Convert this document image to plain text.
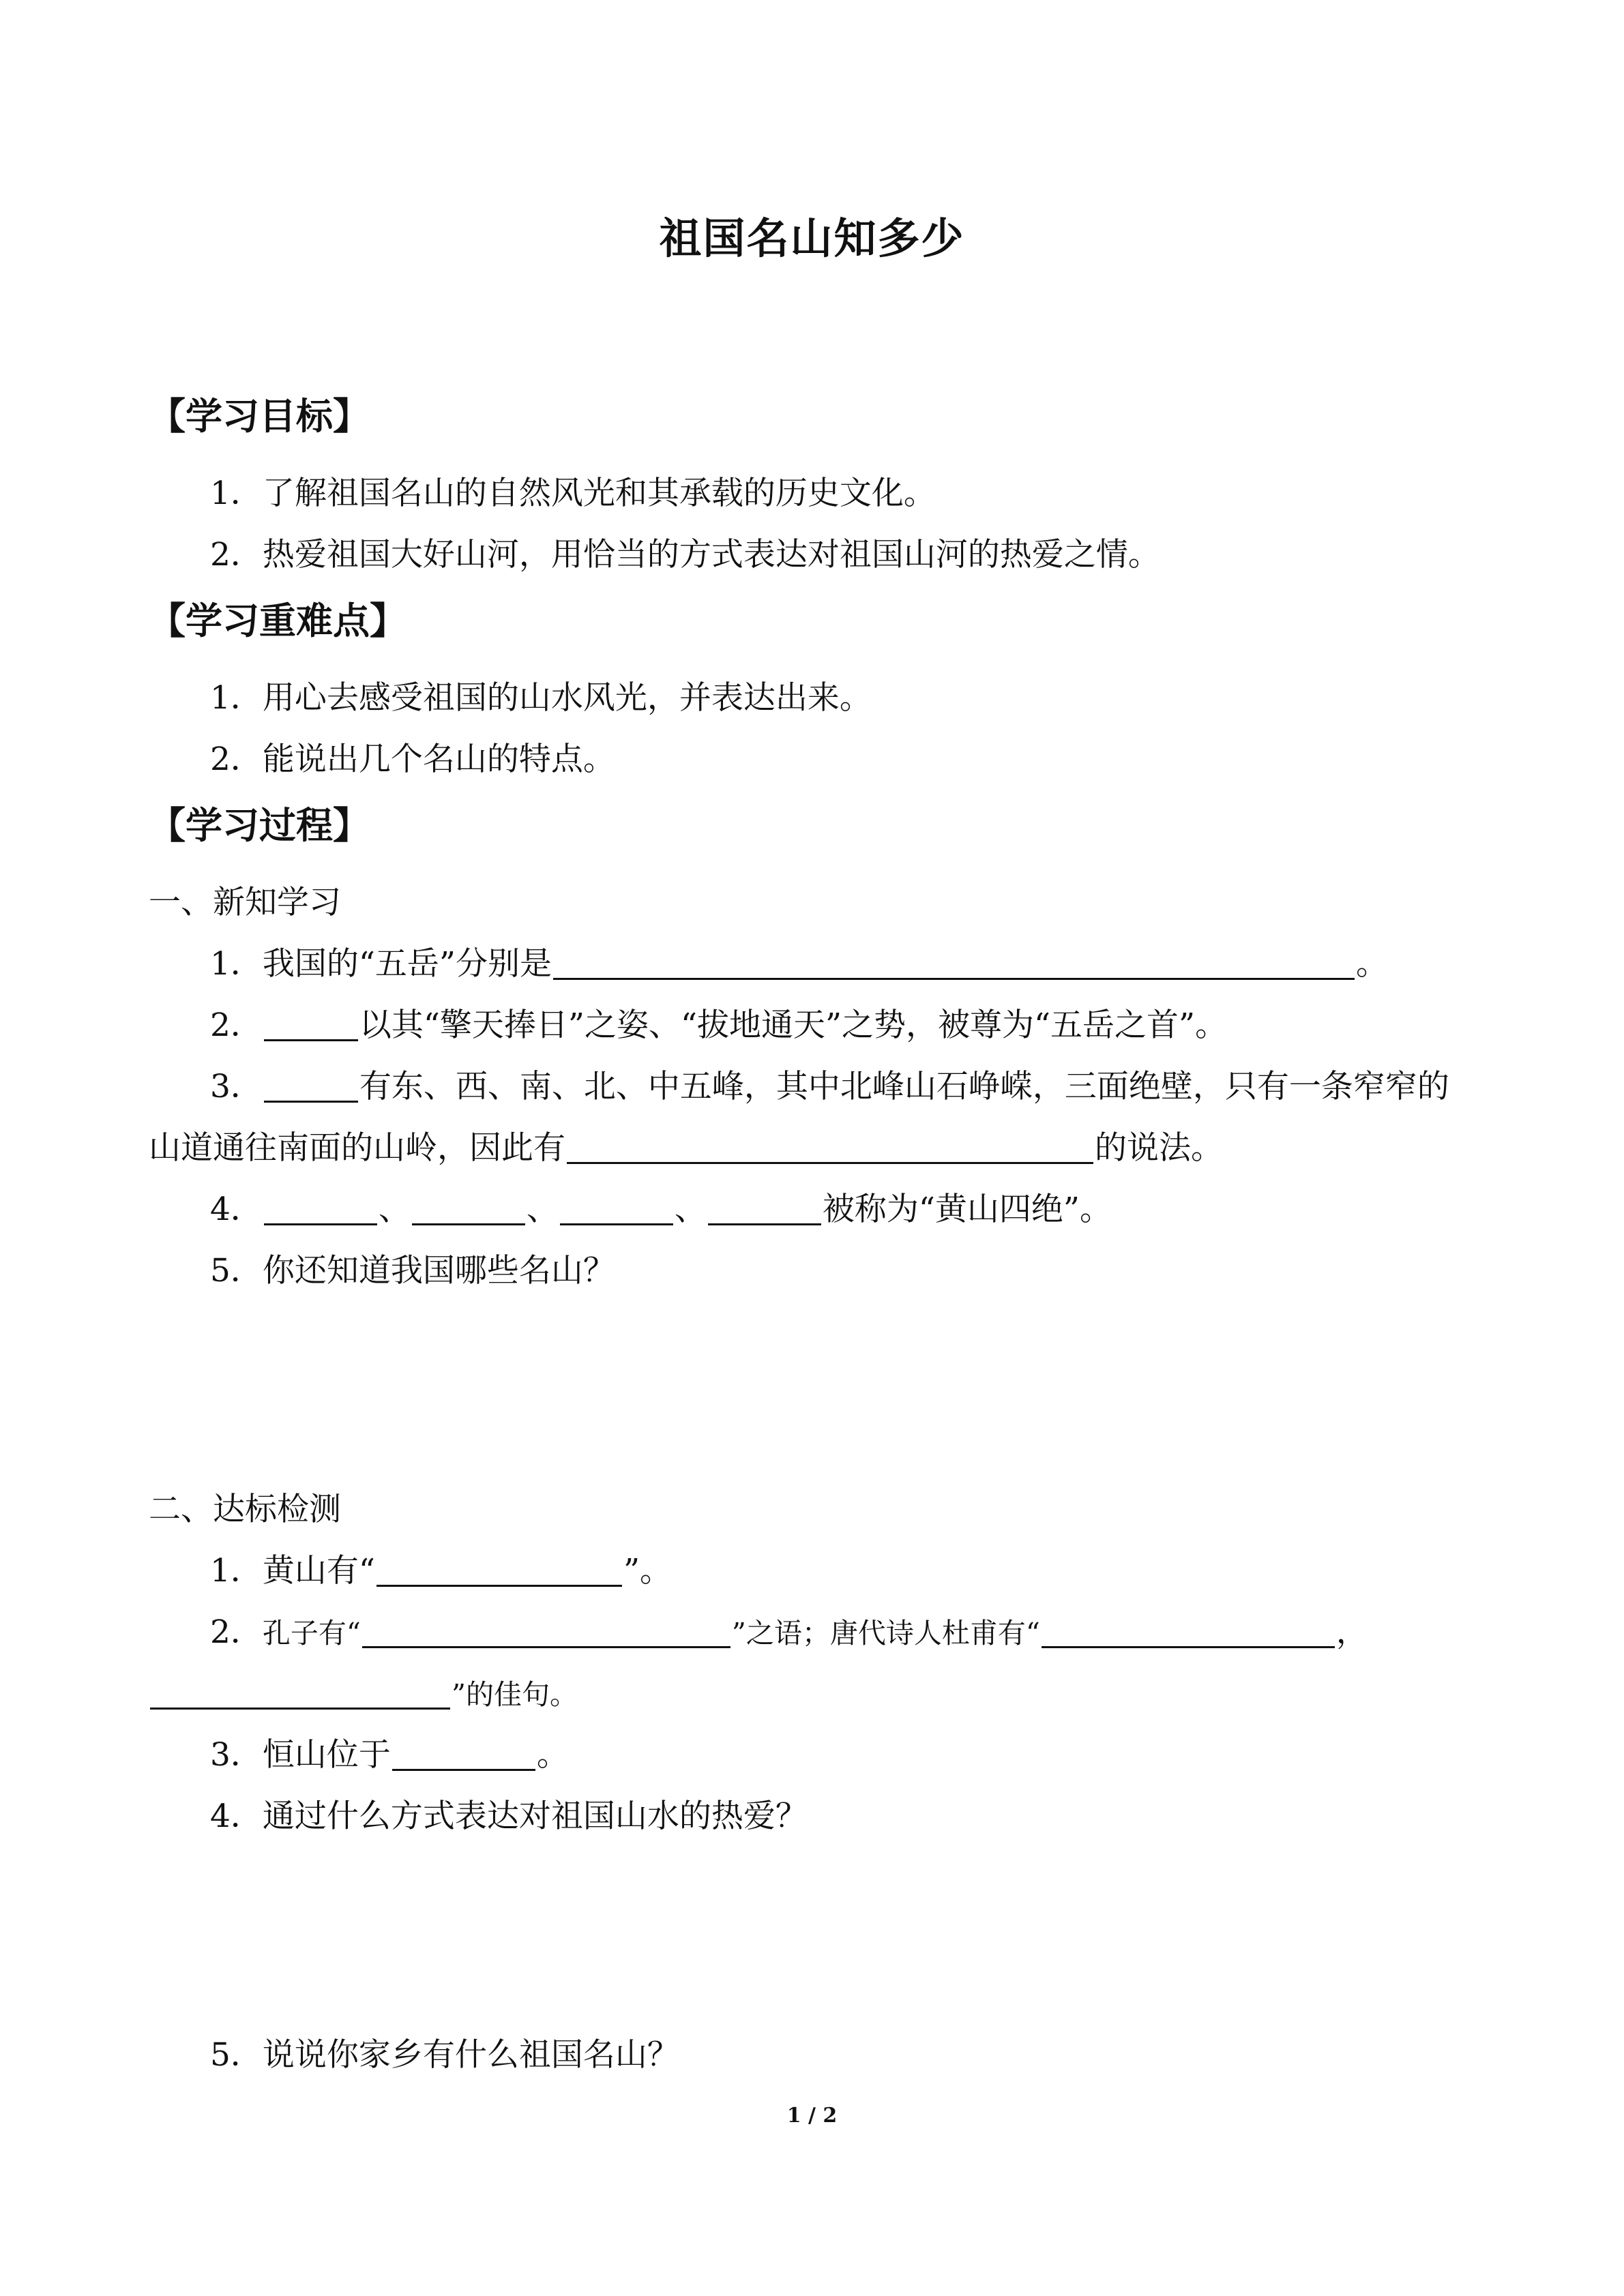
祖国名山知多少
【学习目标】
1．了解祖国名山的自然风光和其承载的历史文化。
2．热爱祖国大好山河，用恰当的方式表达对祖国山河的热爱之情。
【学习重难点】
1．用心去感受祖国的山水风光，并表达出来。
2．能说出几个名山的特点。
【学习过程】
一、新知学习
1．我国的“五岳”分别是	。
2．	以其“擎天捧日”之姿、“拔地通天”之势，被尊为“五岳之首”。
3．	有东、西、南、北、中五峰，其中北峰山石峥嵘，三面绝壁，只有一条窄窄的
山道通往南面的山岭，因此有	的说法。
4．	、	、	、	被称为“黄山四绝”。
5．你还知道我国哪些名山？
二、达标检测
1．黄山有“	”。
2．孔子有“	”之语；唐代诗人杜甫有“	，
”的佳句。
3．恒山位于	。
4．通过什么方式表达对祖国山水的热爱？
5．说说你家乡有什么祖国名山？
1 / 2
